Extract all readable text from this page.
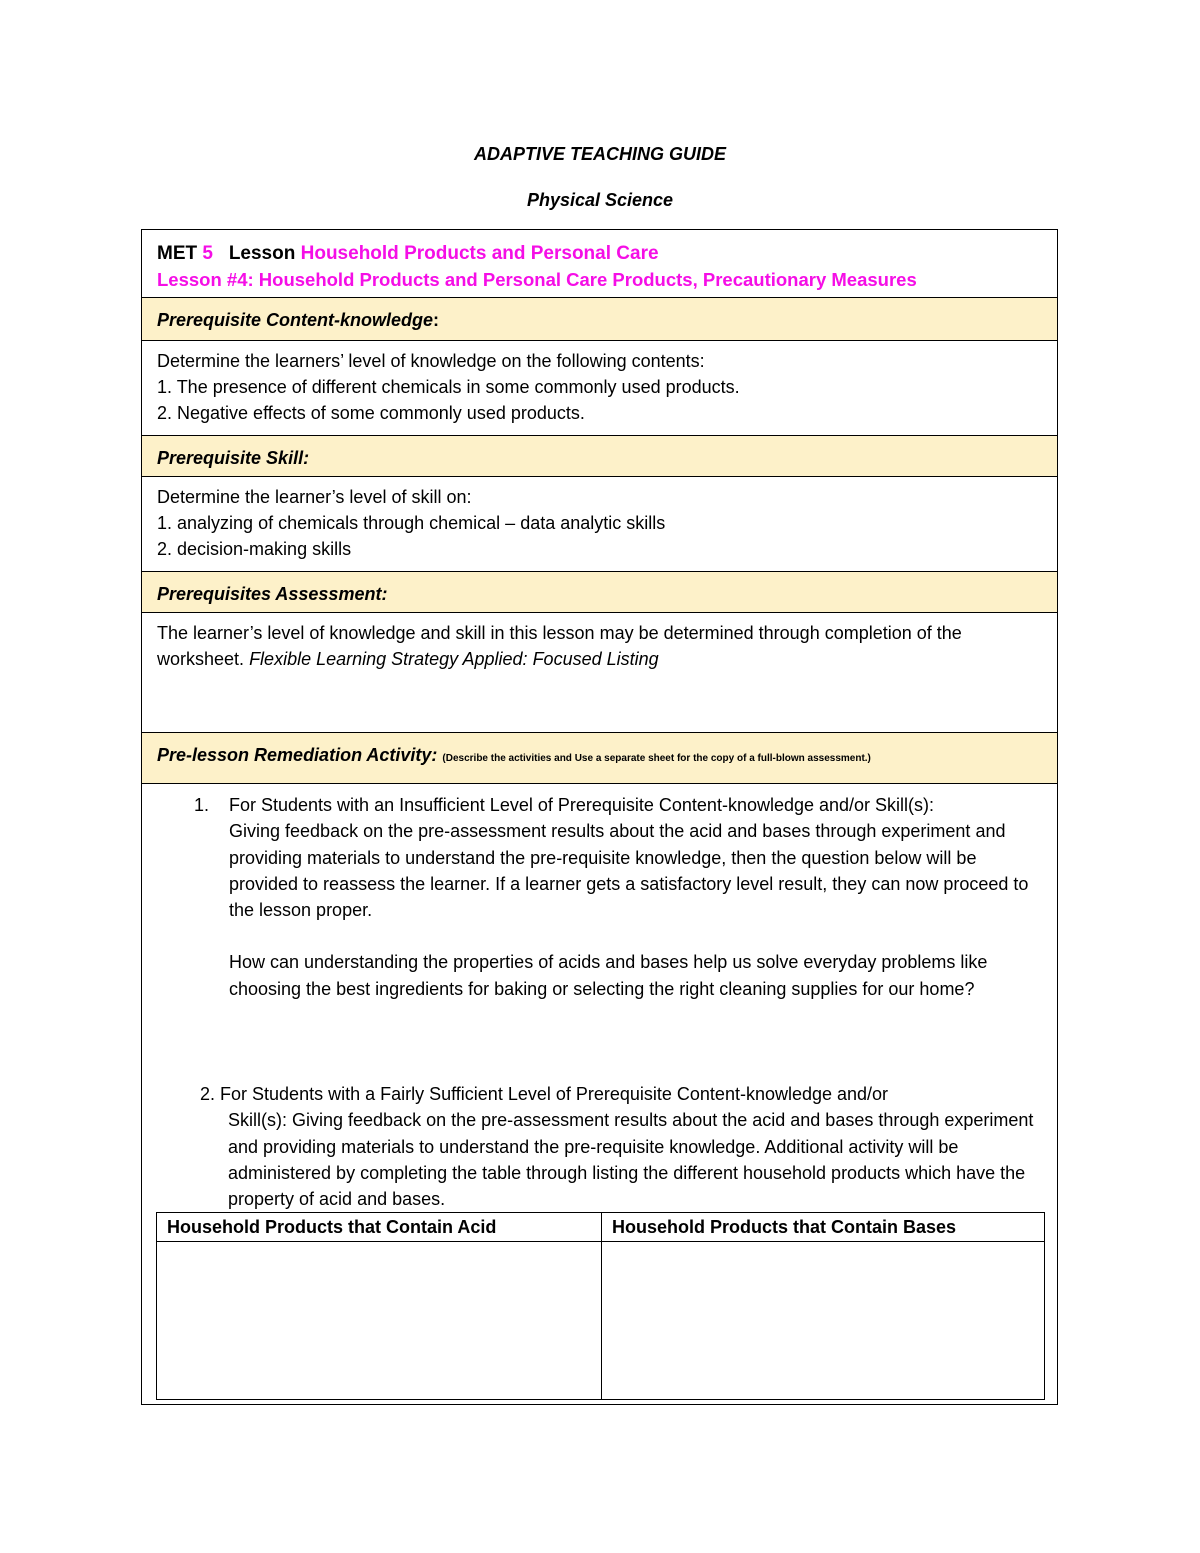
ADAPTIVE TEACHING GUIDE
Physical Science
MET 5 Lesson Household Products and Personal Care
Lesson #4: Household Products and Personal Care Products, Precautionary Measures
Prerequisite Content-knowledge:
Determine the learners’ level of knowledge on the following contents:
1. The presence of different chemicals in some commonly used products.
2. Negative effects of some commonly used products.
Prerequisite Skill:
Determine the learner’s level of skill on:
1. analyzing of chemicals through chemical – data analytic skills
2. decision-making skills
Prerequisites Assessment:
The learner’s level of knowledge and skill in this lesson may be determined through completion of the worksheet. Flexible Learning Strategy Applied: Focused Listing
Pre-lesson Remediation Activity: (Describe the activities and Use a separate sheet for the copy of a full-blown assessment.)
1. For Students with an Insufficient Level of Prerequisite Content-knowledge and/or Skill(s):
Giving feedback on the pre-assessment results about the acid and bases through experiment and providing materials to understand the pre-requisite knowledge, then the question below will be provided to reassess the learner. If a learner gets a satisfactory level result, they can now proceed to the lesson proper.
How can understanding the properties of acids and bases help us solve everyday problems like choosing the best ingredients for baking or selecting the right cleaning supplies for our home?
2. For Students with a Fairly Sufficient Level of Prerequisite Content-knowledge and/or
Skill(s): Giving feedback on the pre-assessment results about the acid and bases through experiment and providing materials to understand the pre-requisite knowledge. Additional activity will be administered by completing the table through listing the different household products which have the property of acid and bases.
Household Products that Contain Acid	Household Products that Contain Bases
